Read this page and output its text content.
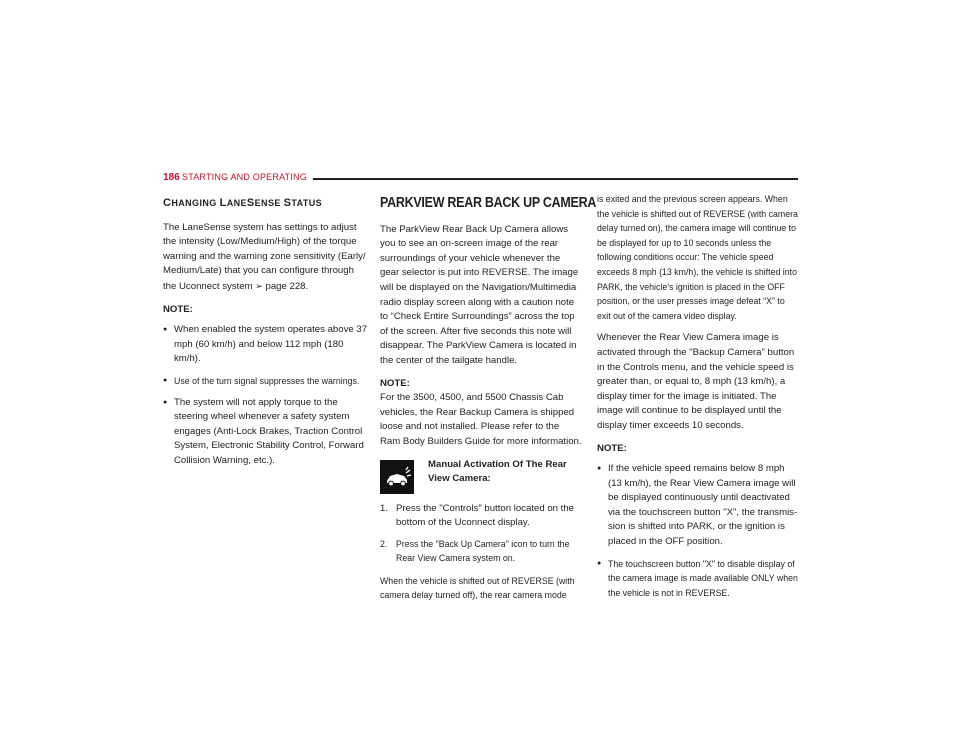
186 STARTING AND OPERATING
CHANGING LANESENSE STATUS

The LaneSense system has settings to adjust the intensity (Low/Medium/High) of the torque warning and the warning zone sensitivity (Early/ Medium/Late) that you can configure through the Uconnect system ➢ page 228.

NOTE:
● When enabled the system operates above 37 mph (60 km/h) and below 112 mph (180 km/h).
● Use of the turn signal suppresses the warnings.
● The system will not apply torque to the steering wheel whenever a safety system engages (Anti-Lock Brakes, Traction Control System, Electronic Stability Control, Forward Collision Warning, etc.).
PARKVIEW REAR BACK UP CAMERA

The ParkView Rear Back Up Camera allows you to see an on-screen image of the rear surroundings of your vehicle whenever the gear selector is put into REVERSE. The image will be displayed on the Navigation/Multimedia radio display screen along with a caution note to “Check Entire Surroundings” across the top of the screen. After five seconds this note will disappear. The ParkView Camera is located in the center of the tailgate handle.

NOTE:
For the 3500, 4500, and 5500 Chassis Cab vehicles, the Rear Backup Camera is shipped loose and not installed. Please refer to the Ram Body Builders Guide for more information.

Manual Activation Of The Rear View Camera:
1. Press the "Controls" button located on the bottom of the Uconnect display.
2. Press the "Back Up Camera" icon to turn the Rear View Camera system on.

When the vehicle is shifted out of REVERSE (with camera delay turned off), the rear camera mode

is exited and the previous screen appears. When the vehicle is shifted out of REVERSE (with camera delay turned on), the camera image will continue to be displayed for up to 10 seconds unless the following conditions occur: The vehicle speed exceeds 8 mph (13 km/h), the vehicle is shifted into PARK, the vehicle’s ignition is placed in the OFF position, or the user presses image defeat “X” to exit out of the camera video display.

Whenever the Rear View Camera image is activated through the "Backup Camera" button in the Controls menu, and the vehicle speed is greater than, or equal to, 8 mph (13 km/h), a display timer for the image is initiated. The image will continue to be displayed until the display timer exceeds 10 seconds.

NOTE:
● If the vehicle speed remains below 8 mph (13 km/h), the Rear View Camera image will be displayed continuously until deactivated via the touchscreen button "X", the transmis-sion is shifted into PARK, or the ignition is placed in the OFF position.
● The touchscreen button "X" to disable display of the camera image is made available ONLY when the vehicle is not in REVERSE.
